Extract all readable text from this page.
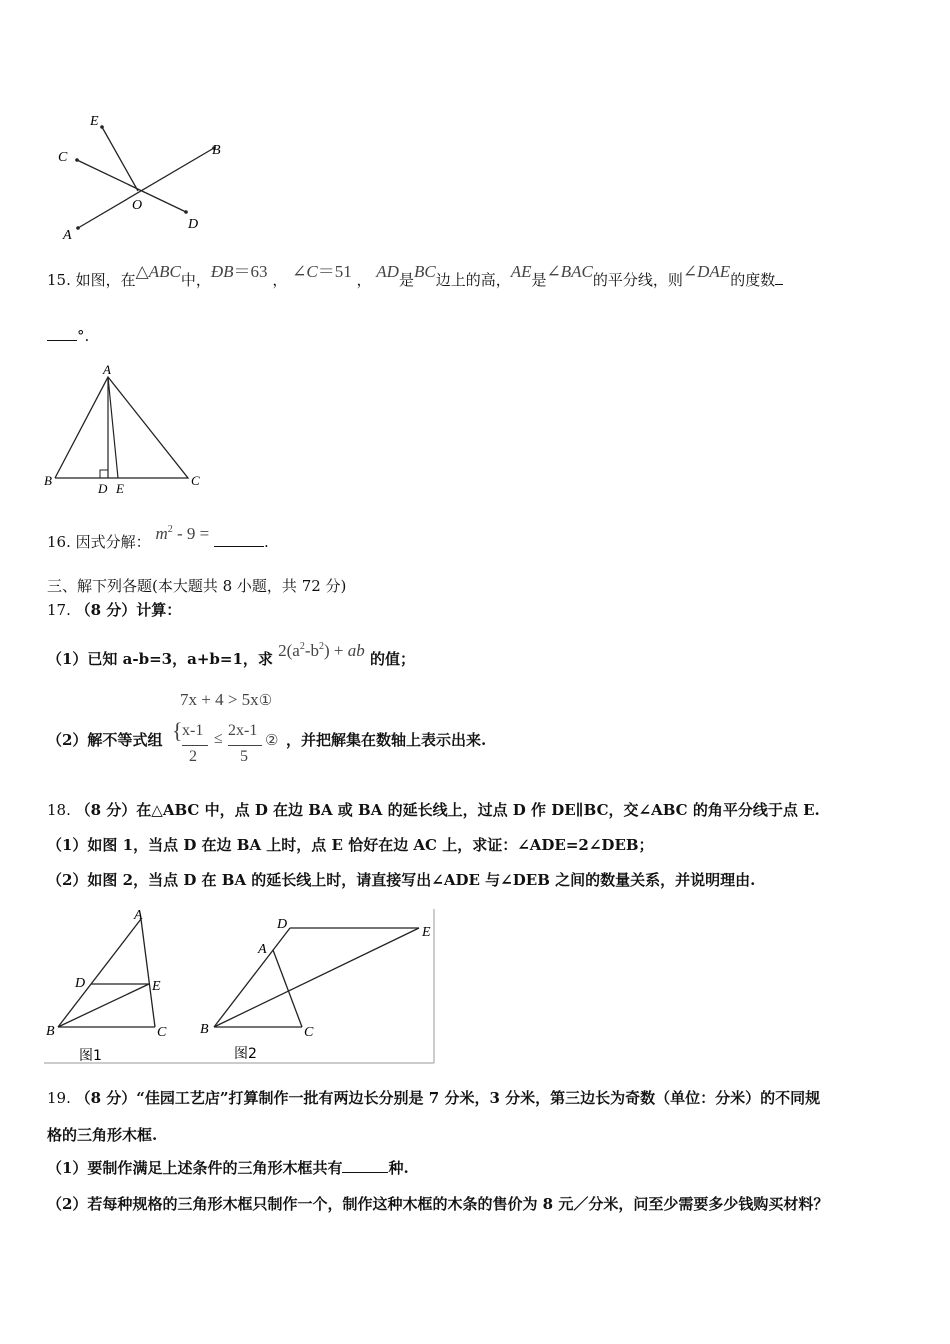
E
C	B
O
A
D
15. 如图，在△ABC中，ÐB＝63 ， ∠C＝51 ， AD是BC边上的高，AE是∠BAC的平分线，则∠DAE的度数
°.
A
B	C
D E
16. 因式分解： $m^2 - 9$ =	.
三、解下列各题(本大题共 8 小题，共 72 分)
17. （8 分）计算：
（1）已知 a-b=3，a+b=1，求 $2(a^2-b^2)$ + ab 的值；
（2）解不等式组
7x + 4 > 5x①
{ x-1
2
≤ 2x-1
5
② ，并把解集在数轴上表示出来.
18. （8 分）在△ABC 中，点 D 在边 BA 或 BA 的延长线上，过点 D 作 DE∥BC，交∠ABC 的角平分线于点 E.
（1）如图 1，当点 D 在边 BA 上时，点 E 恰好在边 AC 上，求证：∠ADE=2∠DEB；
（2）如图 2，当点 D 在 BA 的延长线上时，请直接写出∠ADE 与∠DEB 之间的数量关系，并说明理由.
A
D	E
B	C
图1
D
E
A
B	C
图2
19. （8 分）“佳园工艺店”打算制作一批有两边长分别是 7 分米，3 分米，第三边长为奇数（单位：分米）的不同规
格的三角形木框.
（1）要制作满足上述条件的三角形木框共有	种.
（2）若每种规格的三角形木框只制作一个，制作这种木框的木条的售价为 8 元／分米，问至少需要多少钱购买材料？
